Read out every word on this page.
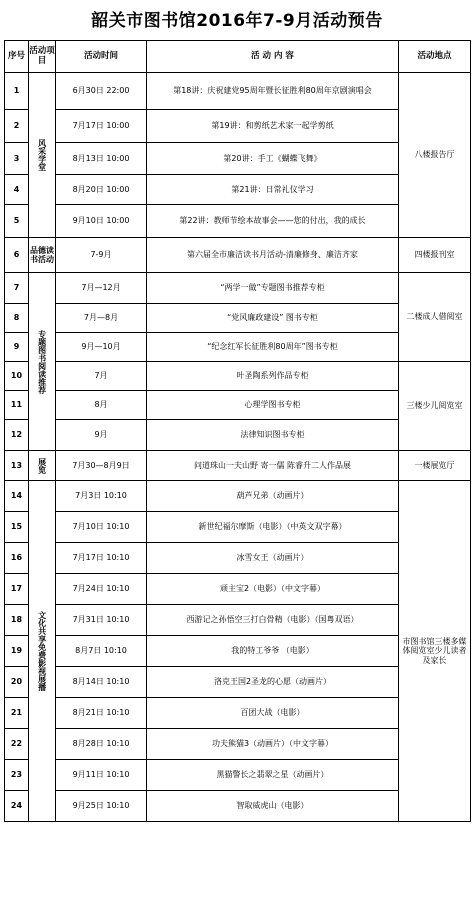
韶关市图书馆2016年7-9月活动预告
序号	活动项目	活动时间	活 动 内 容	活动地点
1	风采学堂	6月30日 22:00	第18讲：庆祝建党95周年暨长征胜利80周年京剧演唱会	八楼报告厅
2		7月17日 10:00	第19讲：和剪纸艺术家一起学剪纸	
3		8月13日 10:00	第20讲：手工《蝴蝶飞舞》	
4		8月20日 10:00	第21讲：日常礼仪学习	
5		9月10日 10:00	第22讲：教师节绘本故事会——您的付出，我的成长	
6	品德读书活动	7-9月	第六届全市廉洁读书月活动-清廉修身、廉洁齐家	四楼报刊室
7	专题图书阅读推荐	7月—12月	“两学一做”专题图书推荐专柜	二楼成人借阅室
8		7月—8月	“党风廉政建设” 图书专柜	
9		9月—10月	“纪念红军长征胜利80周年”图书专柜	
10		7月	叶圣陶系列作品专柜	三楼少儿阅览室
11		8月	心理学图书专柜	
12		9月	法律知识图书专柜	
13	展览	7月30—8月9日	问道珠山一夫山野 寄一儒 陈睿升二人作品展	一楼展览厅
14	文化共享免费影视展播	7月3日 10:10	葫芦兄弟（动画片）	市图书馆三楼多媒体阅览室少儿读者及家长
15		7月10日 10:10	新世纪福尔摩斯（电影）（中英文双字幕）	
16		7月17日 10:10	冰雪女王（动画片）	
17		7月24日 10:10	顽主宝2（电影）（中文字幕）	
18		7月31日 10:10	西游记之孙悟空三打白骨精（电影）（国粤双语）	
19		8月7日 10:10	我的特工爷爷 （电影）	
20		8月14日 10:10	洛克王国2圣龙的心愿（动画片）	
21		8月21日 10:10	百团大战（电影）	
22		8月28日 10:10	功夫熊猫3（动画片）（中文字幕）	
23		9月11日 10:10	黑猫警长之翡翠之星（动画片）	
24		9月25日 10:10	智取威虎山（电影）	
